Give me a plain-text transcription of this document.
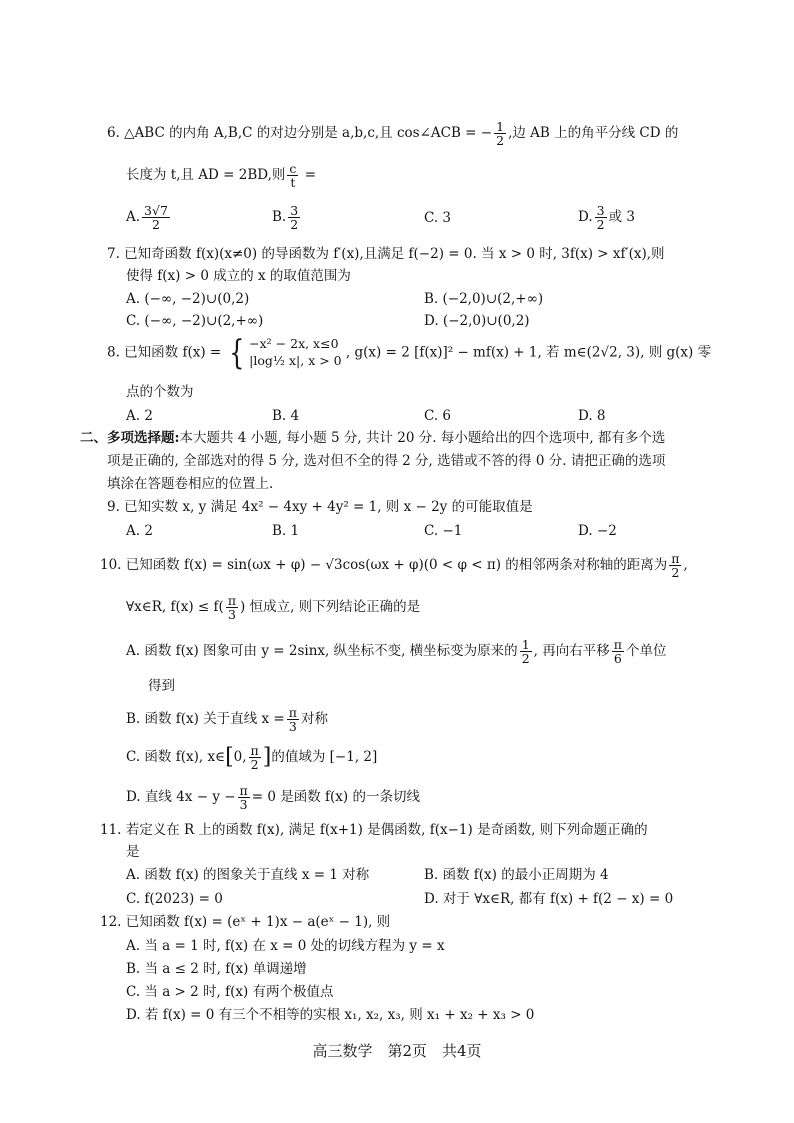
6. △ABC 的内角 A,B,C 的对边分别是 a,b,c,且 cos∠ACB = − $\frac{1}{2}$ ,边 AB 上的角平分线 CD 的
长度为 t,且 AD = 2BD,则 $\frac{c}{t}$ =
A. $\frac{3√7}{2}$	B. $\frac{3}{2}$	C. 3	D. $\frac{3}{2}$ 或 3
7. 已知奇函数 f(x)(x≠0) 的导函数为 f′(x),且满足 f(−2) = 0. 当 x > 0 时, 3f(x) > xf′(x),则
使得 f(x) > 0 成立的 x 的取值范围为
A. (−∞, −2)∪(0,2)	B. (−2,0)∪(2,+∞)
C. (−∞, −2)∪(2,+∞)	D. (−2,0)∪(0,2)
8. 已知函数 f(x) = { −x² − 2x, x≤0
|log½ x|, x > 0
, g(x) = 2 [f(x)]² − mf(x) + 1, 若 m∈(2√2, 3), 则 g(x) 零
点的个数为
A. 2	B. 4	C. 6	D. 8
二、多项选择题:本大题共 4 小题, 每小题 5 分, 共计 20 分. 每小题给出的四个选项中, 都有多个选
项是正确的, 全部选对的得 5 分, 选对但不全的得 2 分, 选错或不答的得 0 分. 请把正确的选项
填涂在答题卷相应的位置上.
9. 已知实数 x, y 满足 4x² − 4xy + 4y² = 1, 则 x − 2y 的可能取值是
A. 2	B. 1	C. −1	D. −2
10. 已知函数 f(x) = sin(ωx + φ) − √3cos(ωx + φ)(0 < φ < π) 的相邻两条对称轴的距离为 $\frac{\pi}{2}$ ,
∀x∈R, $f(x) \le f( \frac{\pi}{3}$ ) 恒成立, 则下列结论正确的是
A. 函数 f(x) 图象可由 y = 2sinx, 纵坐标不变, 横坐标变为原来的 $\frac{1}{2}$ , 再向右平移 $\frac{\pi}{6}$ 个单位
得到
B. 函数 f(x) 关于直线 $x = \frac{\pi}{3}$ 对称
C. 函数 f(x), x∈[0, $\frac{\pi}{2}$ ]的值域为 [−1, 2]
D. 直线 $4x - y - \frac{\pi}{3} = 0$ 是函数 f(x) 的一条切线
11. 若定义在 R 上的函数 f(x), 满足 f(x+1) 是偶函数, f(x−1) 是奇函数, 则下列命题正确的
是
A. 函数 f(x) 的图象关于直线 x = 1 对称	B. 函数 f(x) 的最小正周期为 4
C. f(2023) = 0	D. 对于 ∀x∈R, 都有 f(x) + f(2 − x) = 0
12. 已知函数 f(x) = (eˣ + 1)x − a(eˣ − 1), 则
A. 当 a = 1 时, f(x) 在 x = 0 处的切线方程为 y = x
B. 当 a ≤ 2 时, f(x) 单调递增
C. 当 a > 2 时, f(x) 有两个极值点
D. 若 f(x) = 0 有三个不相等的实根 x₁, x₂, x₃, 则 x₁ + x₂ + x₃ > 0
高三数学　第2页　共4页
